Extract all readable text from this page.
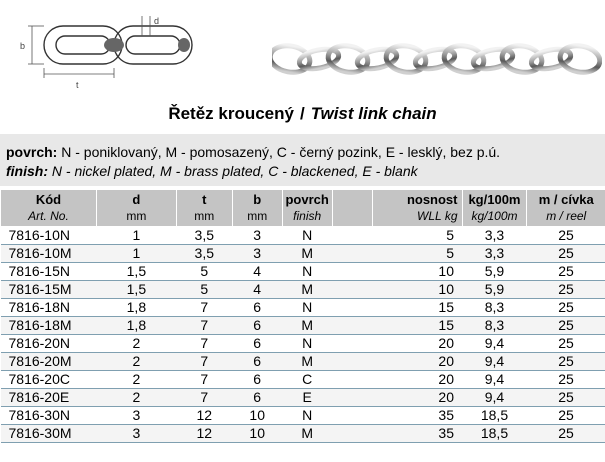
b
t
d
Řetěz kroucený / Twist link chain
povrch: N - poniklovaný, M - pomosazený, C - černý pozink, E - lesklý, bez p.ú.
finish: N - nickel plated, M - brass plated, C - blackened, E - blank
Kód	d	t	b	povrch		nosnost	kg/100m	m / cívka
Art. No.	mm	mm	mm	finish		WLL kg	kg/100m	m / reel
7816-10N	1	3,5	3	N		5	3,3	25
7816-10M	1	3,5	3	M		5	3,3	25
7816-15N	1,5	5	4	N		10	5,9	25
7816-15M	1,5	5	4	M		10	5,9	25
7816-18N	1,8	7	6	N		15	8,3	25
7816-18M	1,8	7	6	M		15	8,3	25
7816-20N	2	7	6	N		20	9,4	25
7816-20M	2	7	6	M		20	9,4	25
7816-20C	2	7	6	C		20	9,4	25
7816-20E	2	7	6	E		20	9,4	25
7816-30N	3	12	10	N		35	18,5	25
7816-30M	3	12	10	M		35	18,5	25
